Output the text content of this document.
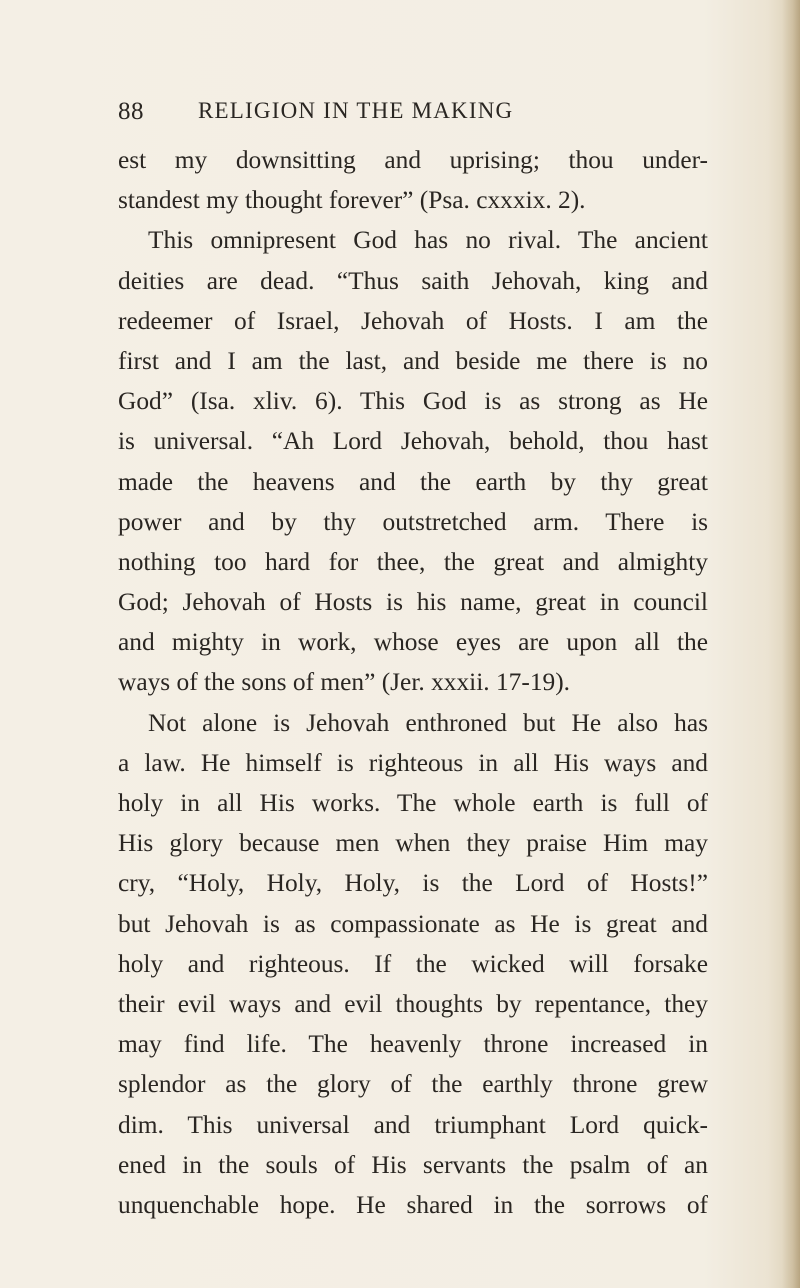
88 RELIGION IN THE MAKING
est my downsitting and uprising; thou under-
standest my thought forever” (Psa. cxxxix. 2).
This omnipresent God has no rival. The ancient
deities are dead. “Thus saith Jehovah, king and
redeemer of Israel, Jehovah of Hosts. I am the
first and I am the last, and beside me there is no
God” (Isa. xliv. 6). This God is as strong as He
is universal. “Ah Lord Jehovah, behold, thou hast
made the heavens and the earth by thy great
power and by thy outstretched arm. There is
nothing too hard for thee, the great and almighty
God; Jehovah of Hosts is his name, great in council
and mighty in work, whose eyes are upon all the
ways of the sons of men” (Jer. xxxii. 17-19).
Not alone is Jehovah enthroned but He also has
a law. He himself is righteous in all His ways and
holy in all His works. The whole earth is full of
His glory because men when they praise Him may
cry, “Holy, Holy, Holy, is the Lord of Hosts!”
but Jehovah is as compassionate as He is great and
holy and righteous. If the wicked will forsake
their evil ways and evil thoughts by repentance, they
may find life. The heavenly throne increased in
splendor as the glory of the earthly throne grew
dim. This universal and triumphant Lord quick-
ened in the souls of His servants the psalm of an
unquenchable hope. He shared in the sorrows of
